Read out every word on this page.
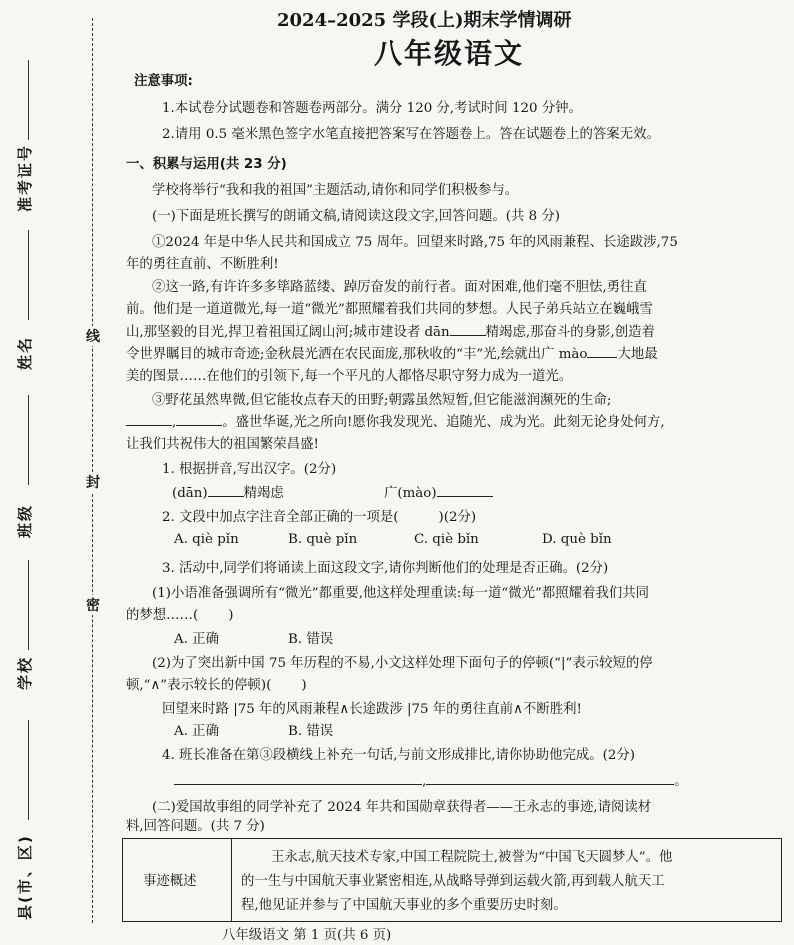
准考证号
姓名
班级
学校
县(市、区)
线
封
密
2024–2025 学段(上)期末学情调研
八年级语文
注意事项:
1.本试卷分试题卷和答题卷两部分。满分 120 分,考试时间 120 分钟。
2.请用 0.5 毫米黑色签字水笔直接把答案写在答题卷上。答在试题卷上的答案无效。
一、积累与运用(共 23 分)
学校将举行“我和我的祖国”主题活动,请你和同学们积极参与。
(一)下面是班长撰写的朗诵文稿,请阅读这段文字,回答问题。(共 8 分)
①2024 年是中华人民共和国成立 75 周年。回望来时路,75 年的风雨兼程、长途跋涉,75
年的勇往直前、不断胜利!
②这一路,有许许多多筚路蓝缕、踔厉奋发的前行者。面对困难,他们毫不胆怯,勇往直
前。他们是一道道微光,每一道“微光”都照耀着我们共同的梦想。人民子弟兵站立在巍峨雪
山,那坚毅的目光,捍卫着祖国辽阔山河;城市建设者 dān	精竭虑,那奋斗的身影,创造着
令世界瞩目的城市奇迹;金秋晨光洒在农民面庞,那秋收的“丰”光,绘就出广 mào 大地最
美的图景……在他们的引领下,每一个平凡的人都恪尽职守努力成为一道光。
③野花虽然卑微,但它能妆点春天的田野;朝露虽然短暂,但它能滋润濒死的生命;
,	。盛世华诞,光之所向!愿你我发现光、追随光、成为光。此刻无论身处何方,
让我们共祝伟大的祖国繁荣昌盛!
1. 根据拼音,写出汉字。(2分)
(dān)	精竭虑	广(mào)
2. 文段中加点字注音全部正确的一项是(	)(2分)
A. qiè pǐn	B. què pǐn	C. qiè bǐn	D. què bǐn
3. 活动中,同学们将诵读上面这段文字,请你判断他们的处理是否正确。(2分)
(1)小语准备强调所有“微光”都重要,他这样处理重读:每一道“微光”都照耀着我们共同
的梦想……( )
A. 正确	B. 错误
(2)为了突出新中国 75 年历程的不易,小文这样处理下面句子的停顿(“|”表示较短的停
顿,“∧”表示较长的停顿)( )
回望来时路 |75 年的风雨兼程∧长途跋涉 |75 年的勇往直前∧不断胜利!
A. 正确	B. 错误
4. 班长准备在第③段横线上补充一句话,与前文形成排比,请你协助他完成。(2分)
,	。
(二)爱国故事组的同学补充了 2024 年共和国勋章获得者——王永志的事迹,请阅读材
料,回答问题。(共 7 分)
事迹概述
王永志,航天技术专家,中国工程院院士,被誉为“中国飞天圆梦人”。他
的一生与中国航天事业紧密相连,从战略导弹到运载火箭,再到载人航天工
程,他见证并参与了中国航天事业的多个重要历史时刻。
八年级语文 第 1 页(共 6 页)
